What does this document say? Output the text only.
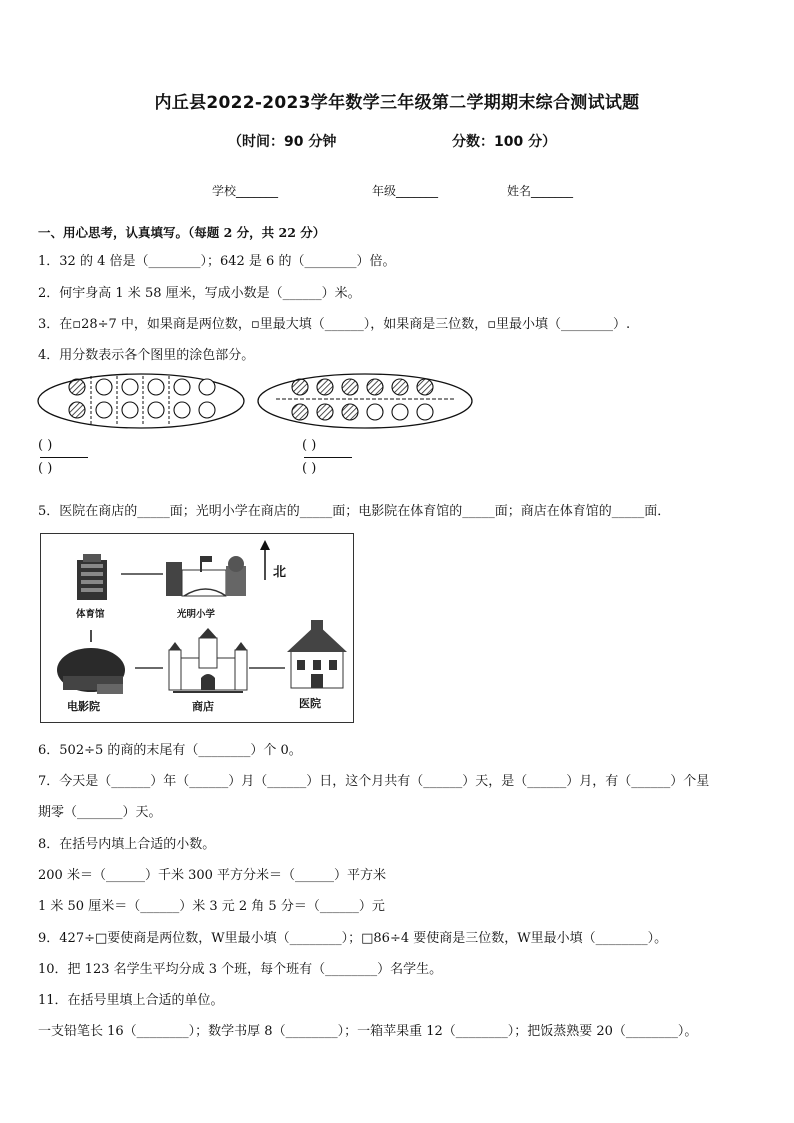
内丘县2022-2023学年数学三年级第二学期期末综合测试试题
（时间：90 分钟	分数：100 分）
学校_______	年级_______	姓名_______
一、用心思考，认真填写。（每题 2 分，共 22 分）
1．32 的 4 倍是（________）；642 是 6 的（________）倍。
2．何宇身高 1 米 58 厘米，写成小数是（______）米。
3．在▫28÷7 中，如果商是两位数，▫里最大填（______），如果商是三位数，▫里最小填（________）.
4．用分数表示各个图里的涂色部分。
( )
( )
( )
( )
5．医院在商店的_____面；光明小学在商店的_____面；电影院在体育馆的_____面；商店在体育馆的_____面．
北
体育馆	光明小学
电影院	商店	医院
6．502÷5 的商的末尾有（________）个 0。
7．今天是（______）年（______）月（______）日，这个月共有（______）天，是（______）月，有（______）个星
期零（_______）天。
8．在括号内填上合适的小数。
200 米＝（______）千米 300 平方分米＝（______）平方米
1 米 50 厘米＝（______）米 3 元 2 角 5 分＝（______）元
9．427÷□要使商是两位数，W里最小填（________）；□86÷4 要使商是三位数，W里最小填（________）。
10．把 123 名学生平均分成 3 个班，每个班有（________）名学生。
11．在括号里填上合适的单位。
一支铅笔长 16（________）；数学书厚 8（________）；一箱苹果重 12（________）；把饭蒸熟要 20（________）。
